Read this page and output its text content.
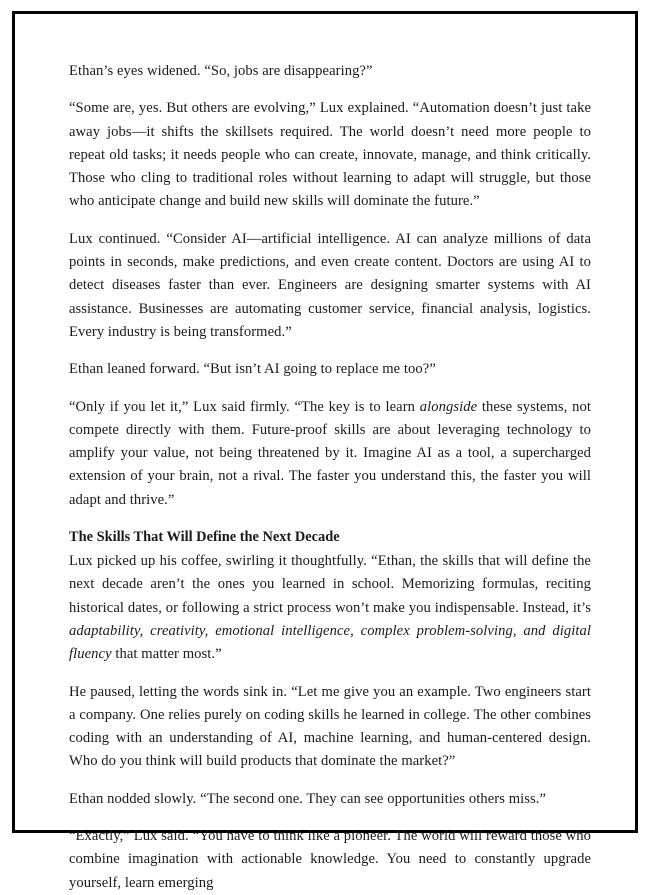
Ethan’s eyes widened. “So, jobs are disappearing?”

“Some are, yes. But others are evolving,” Lux explained. “Automation doesn’t just take away jobs—it shifts the skillsets required. The world doesn’t need more people to repeat old tasks; it needs people who can create, innovate, manage, and think critically. Those who cling to traditional roles without learning to adapt will struggle, but those who anticipate change and build new skills will dominate the future.”

Lux continued. “Consider AI—artificial intelligence. AI can analyze millions of data points in seconds, make predictions, and even create content. Doctors are using AI to detect diseases faster than ever. Engineers are designing smarter systems with AI assistance. Businesses are automating customer service, financial analysis, logistics. Every industry is being transformed.”

Ethan leaned forward. “But isn’t AI going to replace me too?”

“Only if you let it,” Lux said firmly. “The key is to learn alongside these systems, not compete directly with them. Future-proof skills are about leveraging technology to amplify your value, not being threatened by it. Imagine AI as a tool, a supercharged extension of your brain, not a rival. The faster you understand this, the faster you will adapt and thrive.”

The Skills That Will Define the Next Decade

Lux picked up his coffee, swirling it thoughtfully. “Ethan, the skills that will define the next decade aren’t the ones you learned in school. Memorizing formulas, reciting historical dates, or following a strict process won’t make you indispensable. Instead, it’s adaptability, creativity, emotional intelligence, complex problem-solving, and digital fluency that matter most.”

He paused, letting the words sink in. “Let me give you an example. Two engineers start a company. One relies purely on coding skills he learned in college. The other combines coding with an understanding of AI, machine learning, and human-centered design. Who do you think will build products that dominate the market?”

Ethan nodded slowly. “The second one. They can see opportunities others miss.”

“Exactly,” Lux said. “You have to think like a pioneer. The world will reward those who combine imagination with actionable knowledge. You need to constantly upgrade yourself, learn emerging
